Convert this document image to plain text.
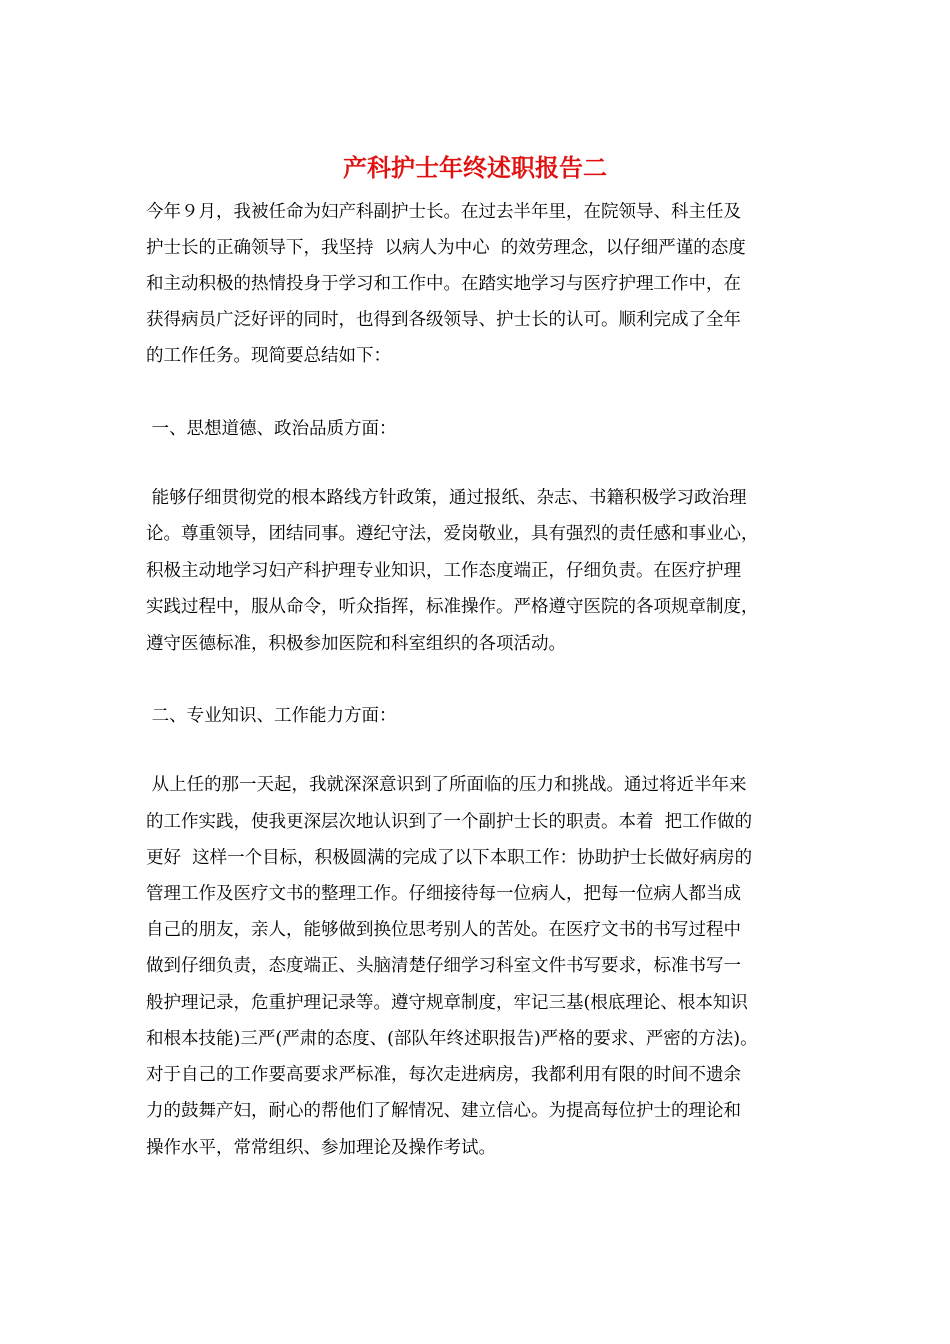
产科护士年终述职报告二

今年９月，我被任命为妇产科副护士长。在过去半年里，在院领导、科主任及

护士长的正确领导下，我坚持  以病人为中心  的效劳理念，以仔细严谨的态度

和主动积极的热情投身于学习和工作中。在踏实地学习与医疗护理工作中，在

获得病员广泛好评的同时，也得到各级领导、护士长的认可。顺利完成了全年

的工作任务。现简要总结如下：

一、思想道德、政治品质方面：

能够仔细贯彻党的根本路线方针政策，通过报纸、杂志、书籍积极学习政治理

论。尊重领导，团结同事。遵纪守法，爱岗敬业，具有强烈的责任感和事业心，

积极主动地学习妇产科护理专业知识，工作态度端正，仔细负责。在医疗护理

实践过程中，服从命令，听众指挥，标准操作。严格遵守医院的各项规章制度，

遵守医德标准，积极参加医院和科室组织的各项活动。

二、专业知识、工作能力方面：

从上任的那一天起，我就深深意识到了所面临的压力和挑战。通过将近半年来

的工作实践，使我更深层次地认识到了一个副护士长的职责。本着  把工作做的

更好  这样一个目标，积极圆满的完成了以下本职工作：协助护士长做好病房的

管理工作及医疗文书的整理工作。仔细接待每一位病人，把每一位病人都当成

自己的朋友，亲人，能够做到换位思考别人的苦处。在医疗文书的书写过程中

做到仔细负责，态度端正、头脑清楚仔细学习科室文件书写要求，标准书写一

般护理记录，危重护理记录等。遵守规章制度，牢记三基(根底理论、根本知识

和根本技能)三严(严肃的态度、(部队年终述职报告)严格的要求、严密的方法)。

对于自己的工作要高要求严标准，每次走进病房，我都利用有限的时间不遗余

力的鼓舞产妇，耐心的帮他们了解情况、建立信心。为提高每位护士的理论和

操作水平，常常组织、参加理论及操作考试。
